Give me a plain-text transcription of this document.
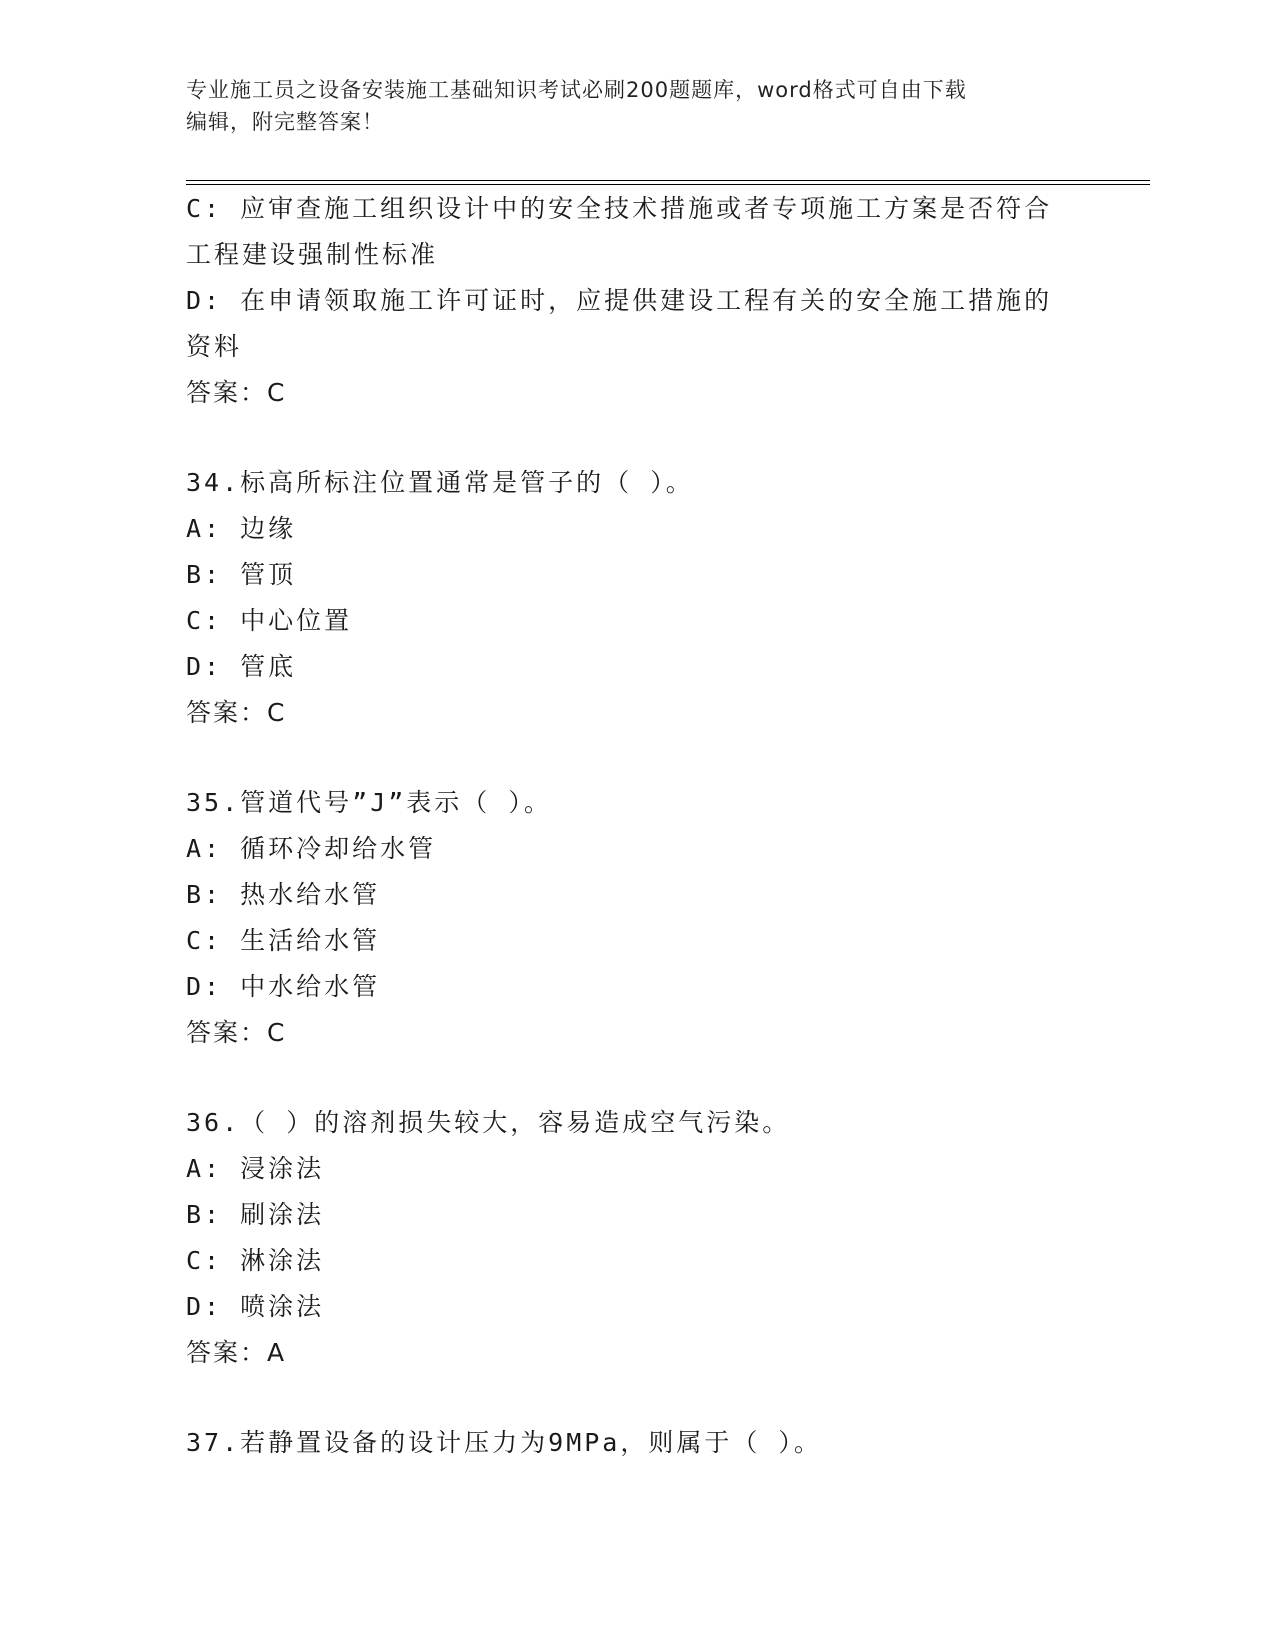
专业施工员之设备安装施工基础知识考试必刷200题题库，word格式可自由下载
编辑，附完整答案！
C: 应审查施工组织设计中的安全技术措施或者专项施工方案是否符合
工程建设强制性标准
D: 在申请领取施工许可证时，应提供建设工程有关的安全施工措施的
资料
答案：C
34.标高所标注位置通常是管子的（ ）。
A: 边缘
B: 管顶
C: 中心位置
D: 管底
答案：C
35.管道代号”J”表示（ ）。
A: 循环冷却给水管
B: 热水给水管
C: 生活给水管
D: 中水给水管
答案：C
36.（ ）的溶剂损失较大，容易造成空气污染。
A: 浸涂法
B: 刷涂法
C: 淋涂法
D: 喷涂法
答案：A
37.若静置设备的设计压力为9MPa，则属于（ ）。
